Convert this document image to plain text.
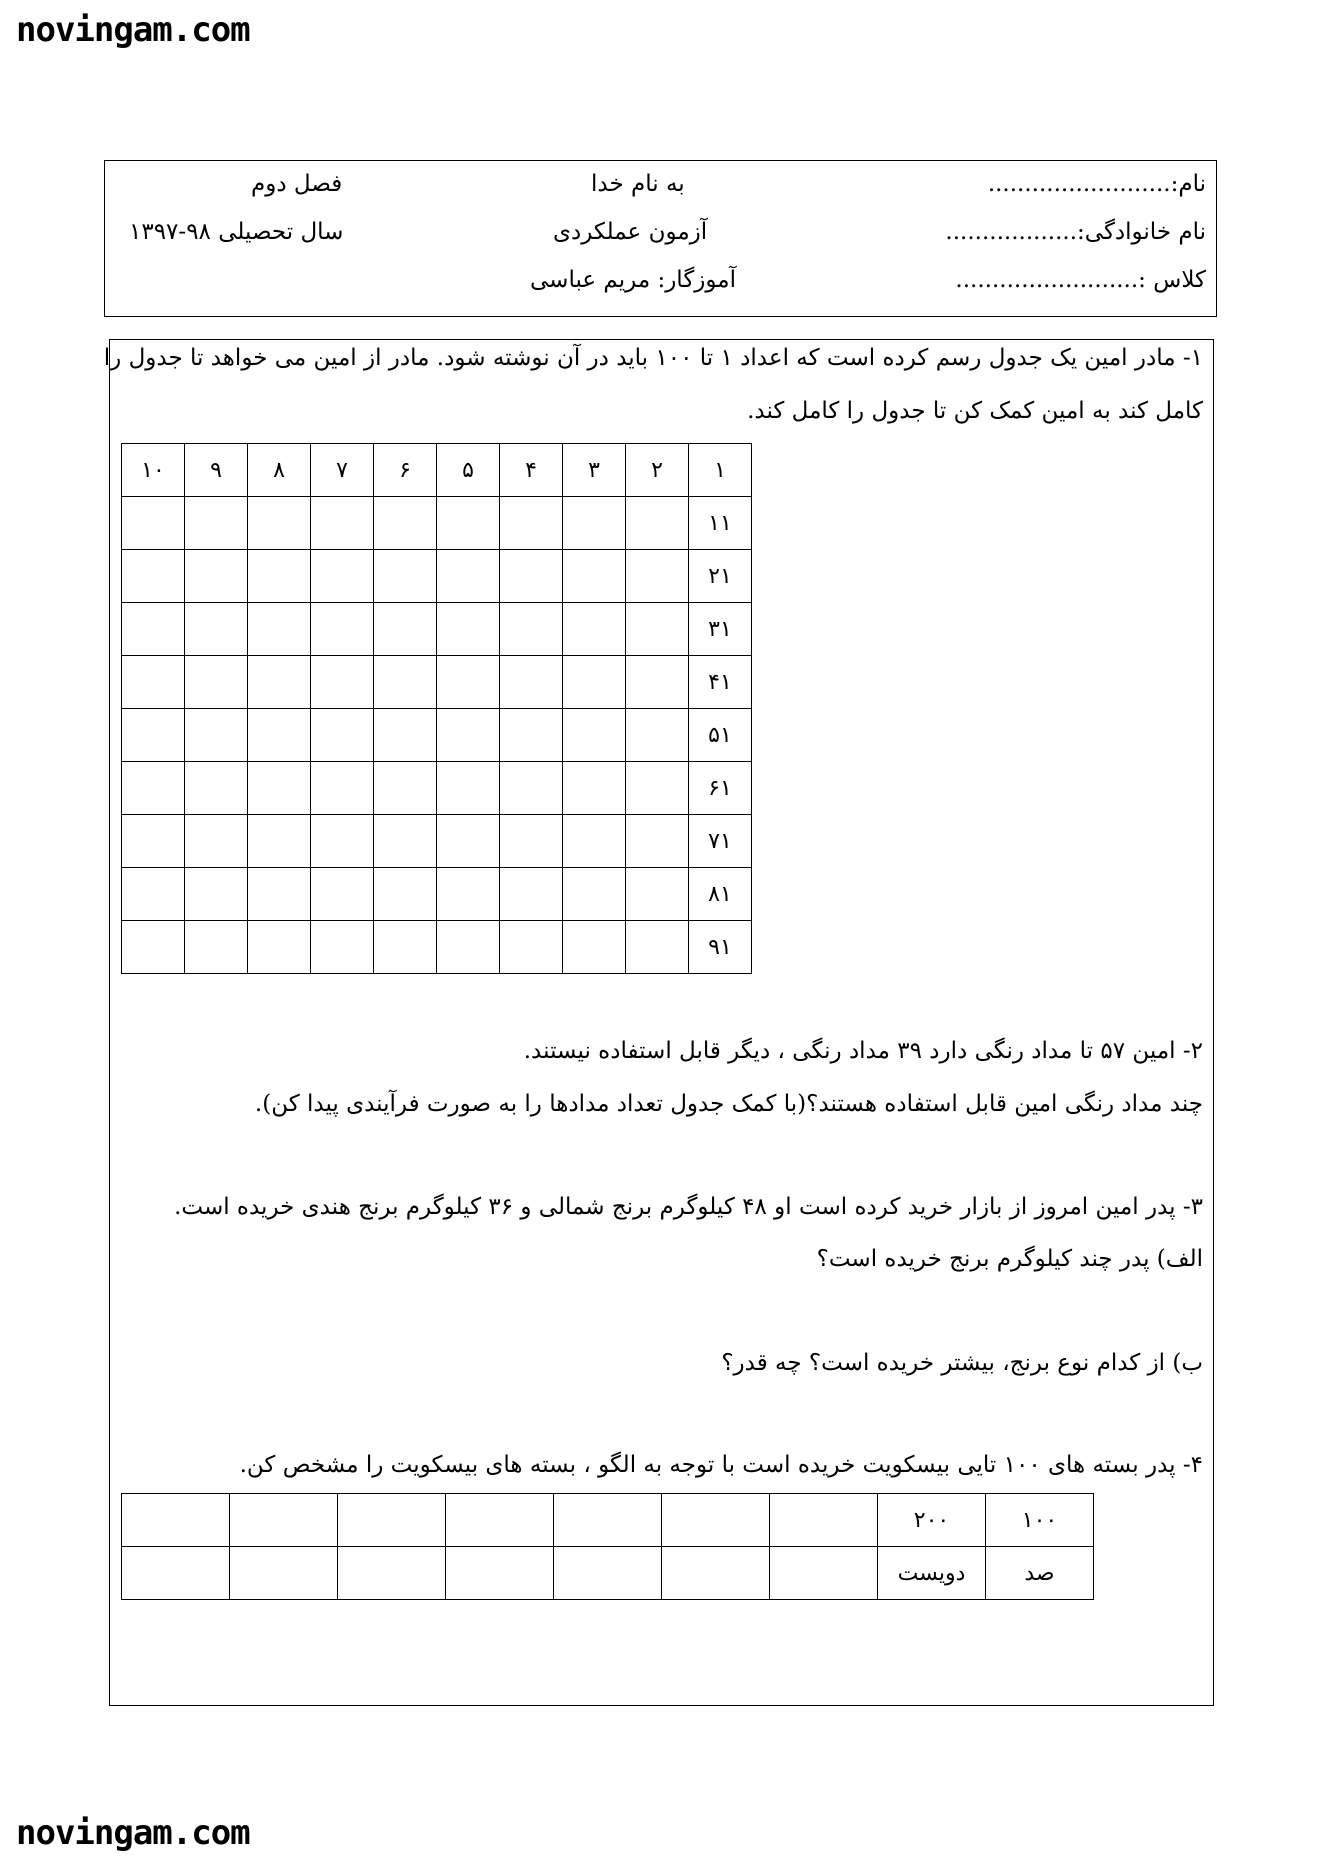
novingam.com
نام:.........................
نام خانوادگی:..................
کلاس :.........................
به نام خدا
آزمون عملکردی
آموزگار: مریم عباسی
فصل دوم
سال تحصیلی ۹۸-۱۳۹۷
۱- مادر امین یک جدول رسم کرده است که اعداد ۱ تا ۱۰۰ باید در آن نوشته شود. مادر از امین می خواهد تا جدول را
کامل کند به امین کمک کن تا جدول را کامل کند.
۱	۲	۳	۴	۵	۶	۷	۸	۹	۱۰
۱۱									
۲۱									
۳۱									
۴۱									
۵۱									
۶۱									
۷۱									
۸۱									
۹۱									
۲- امین ۵۷ تا مداد رنگی دارد ۳۹ مداد رنگی ، دیگر قابل استفاده نیستند.
چند مداد رنگی امین قابل استفاده هستند؟(با کمک جدول تعداد مدادها را به صورت فرآیندی پیدا کن).
۳- پدر امین امروز از بازار خرید کرده است او ۴۸ کیلوگرم برنج شمالی و ۳۶ کیلوگرم برنج هندی خریده است.
الف) پدر چند کیلوگرم برنج خریده است؟
ب) از کدام نوع برنج، بیشتر خریده است؟ چه قدر؟
۴- پدر بسته های ۱۰۰ تایی بیسکویت خریده است با توجه به الگو ، بسته های بیسکویت را مشخص کن.
۱۰۰	۲۰۰							
صد	دویست							
novingam.com
